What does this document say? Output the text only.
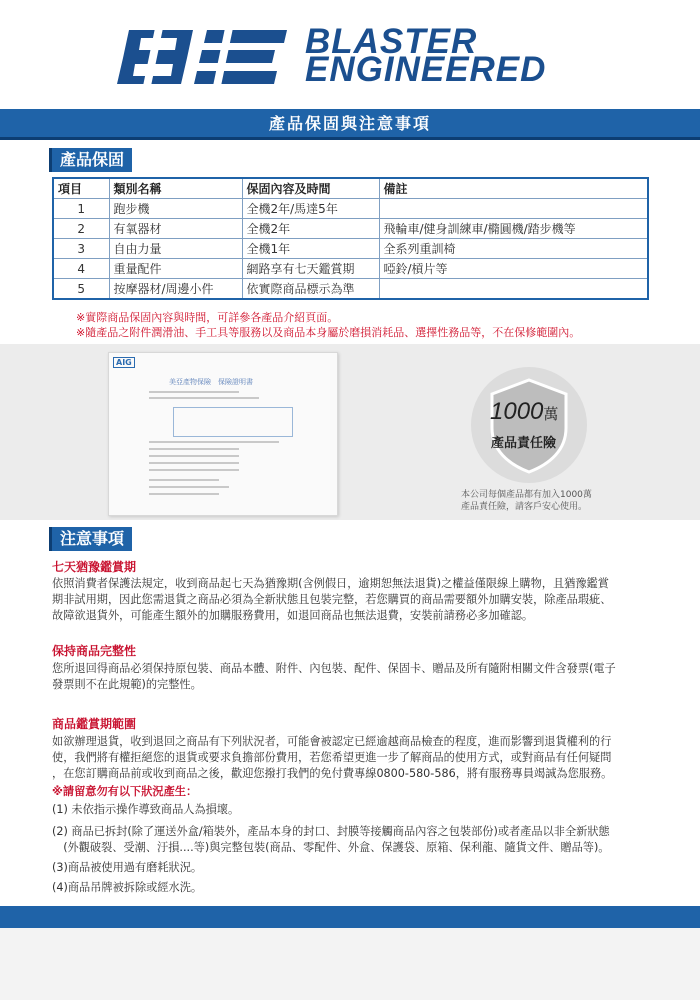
BLASTER
ENGINEERED
產品保固與注意事項
產品保固
項目	類別名稱	保固內容及時間	備註
1	跑步機	全機2年/馬達5年	
2	有氧器材	全機2年	飛輪車/健身訓練車/橢圓機/踏步機等
3	自由力量	全機1年	全系列重訓椅
4	重量配件	網路享有七天鑑賞期	啞鈴/槓片等
5	按摩器材/周邊小件	依實際商品標示為準	
※實際商品保固內容與時間，可詳參各產品介紹頁面。
※隨產品之附件潤滑油、手工具等服務以及商品本身屬於磨損消耗品、選擇性務品等，不在保修範圍內。
AIG
美亞產物保險　保險證明書
1000萬
產品責任險
本公司每個產品都有加入1000萬
產品責任險，請客戶安心使用。
注意事項
七天猶豫鑑賞期
依照消費者保護法規定，收到商品起七天為猶豫期(含例假日，逾期恕無法退貨)之權益僅限線上購物，且猶豫鑑賞
期非試用期，因此您需退貨之商品必須為全新狀態且包裝完整，若您購買的商品需要額外加購安裝，除產品瑕疵、
故障欲退貨外，可能產生額外的加購服務費用，如退回商品也無法退費，安裝前請務必多加確認。
保持商品完整性
您所退回得商品必須保持原包裝、商品本體、附件、內包裝、配件、保固卡、贈品及所有隨附相關文件含發票(電子
發票則不在此規範)的完整性。
商品鑑賞期範圍
如欲辦理退貨，收到退回之商品有下列狀況者，可能會被認定已經逾越商品檢查的程度，進而影響到退貨權利的行
使，我們將有權拒絕您的退貨或要求負擔部份費用，若您希望更進一步了解商品的使用方式，或對商品有任何疑問
，在您訂購商品前或收到商品之後，歡迎您撥打我們的免付費專線0800-580-586，將有服務專員竭誠為您服務。
※請留意勿有以下狀況產生：
(1) 未依指示操作導致商品人為損壞。
(2) 商品已拆封(除了運送外盒/箱裝外，產品本身的封口、封膜等接觸商品內容之包裝部份)或者產品以非全新狀態
　(外觀破裂、受潮、汙損....等)與完整包裝(商品、零配件、外盒、保護袋、原箱、保利龍、隨貨文件、贈品等)。
(3)商品被使用過有磨耗狀況。
(4)商品吊牌被拆除或經水洗。
